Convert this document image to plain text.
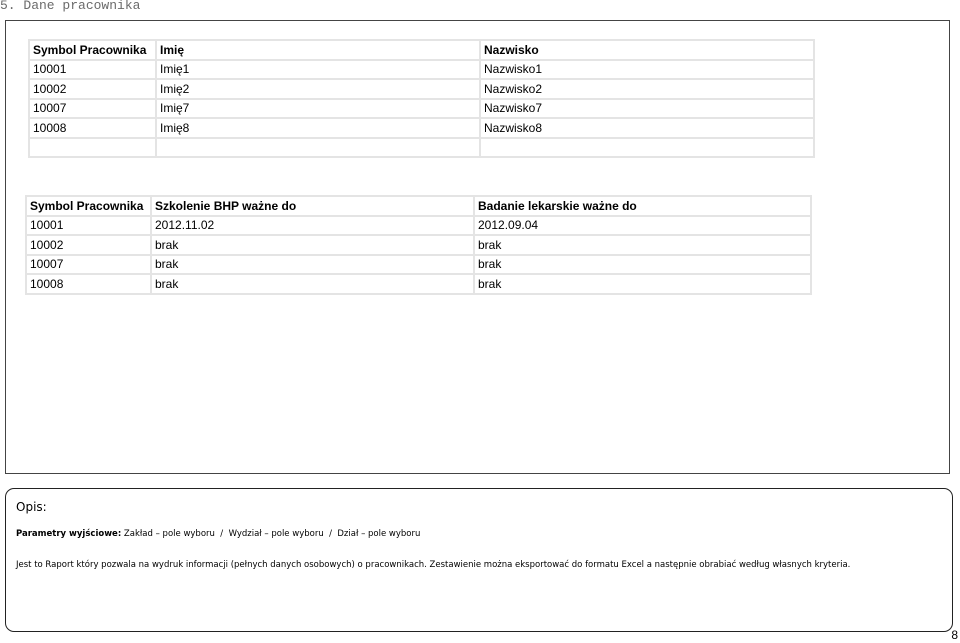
5. Dane pracownika
Symbol Pracownika	Imię	Nazwisko
10001	Imię1	Nazwisko1
10002	Imię2	Nazwisko2
10007	Imię7	Nazwisko7
10008	Imię8	Nazwisko8

Symbol Pracownika	Szkolenie BHP ważne do	Badanie lekarskie ważne do
10001	2012.11.02	2012.09.04
10002	brak	brak
10007	brak	brak
10008	brak	brak
Opis:
Parametry wyjściowe: Zakład – pole wyboru  /  Wydział – pole wyboru  /  Dział – pole wyboru
Jest to Raport który pozwala na wydruk informacji (pełnych danych osobowych) o pracownikach. Zestawienie można eksportować do formatu Excel a następnie obrabiać według własnych kryteria.
8
